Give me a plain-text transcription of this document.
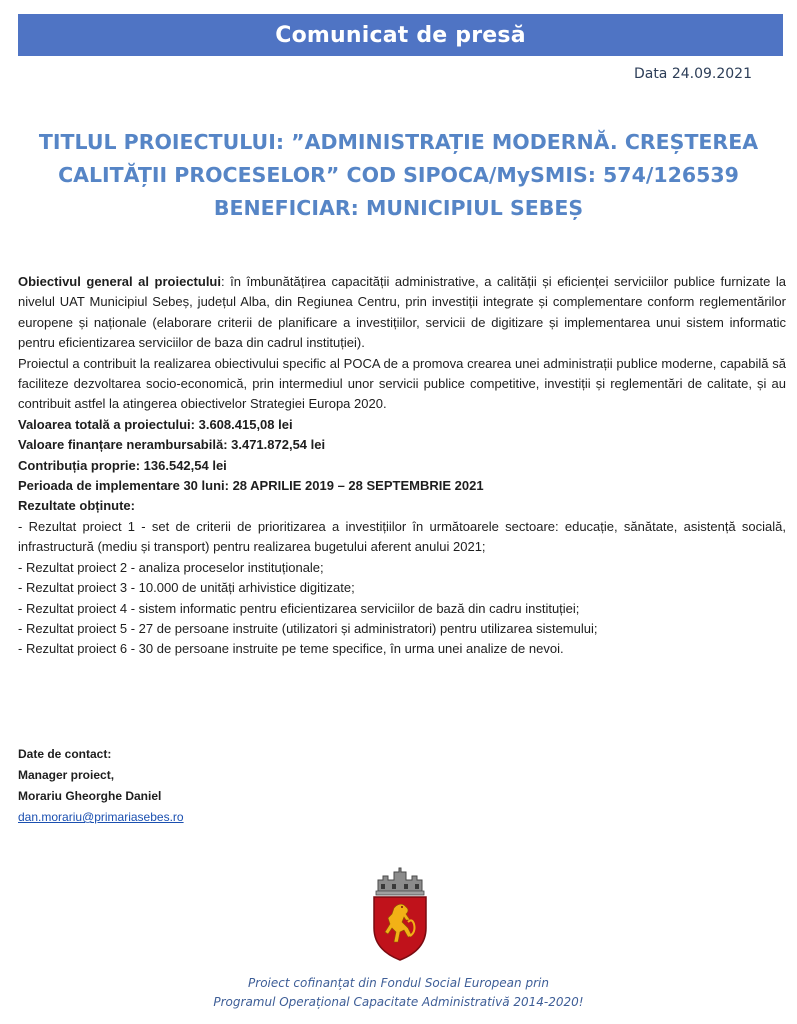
Comunicat de presă
Data 24.09.2021
TITLUL PROIECTULUI: ”ADMINISTRAȚIE MODERNĂ. CREȘTEREA
CALITĂȚII PROCESELOR” COD SIPOCA/MySMIS: 574/126539
BENEFICIAR: MUNICIPIUL SEBEȘ

Obiectivul general al proiectului: în îmbunătățirea capacității administrative, a calității și eficienței serviciilor publice furnizate la nivelul UAT Municipiul Sebeș, județul Alba, din Regiunea Centru, prin investiții integrate și complementare conform reglementărilor europene și naționale (elaborare criterii de planificare a investițiilor, servicii de digitizare și implementarea unui sistem informatic pentru eficientizarea serviciilor de baza din cadrul instituției).

Proiectul a contribuit la realizarea obiectivului specific al POCA de a promova crearea unei administrații publice moderne, capabilă să faciliteze dezvoltarea socio-economică, prin intermediul unor servicii publice competitive, investiții și reglementări de calitate, și au contribuit astfel la atingerea obiectivelor Strategiei Europa 2020.

Valoarea totală a proiectului: 3.608.415,08 lei

Valoare finanțare nerambursabilă: 3.471.872,54 lei

Contribuția proprie: 136.542,54 lei

Perioada de implementare 30 luni: 28 APRILIE 2019 – 28 SEPTEMBRIE 2021

Rezultate obținute:

- Rezultat proiect 1 - set de criterii de prioritizarea a investițiilor în următoarele sectoare: educație, sănătate, asistență socială, infrastructură (mediu și transport) pentru realizarea bugetului aferent anului 2021;

- Rezultat proiect 2 - analiza proceselor instituționale;

- Rezultat proiect 3 - 10.000 de unități arhivistice digitizate;

- Rezultat proiect 4 - sistem informatic pentru eficientizarea serviciilor de bază din cadru instituției;

- Rezultat proiect 5 - 27 de persoane instruite (utilizatori și administratori) pentru utilizarea sistemului;

- Rezultat proiect 6 - 30 de persoane instruite pe teme specifice, în urma unei analize de nevoi.

Date de contact:
Manager proiect,
Morariu Gheorghe Daniel
dan.morariu@primariasebes.ro
Proiect cofinanțat din Fondul Social European prin
Programul Operațional Capacitate Administrativă 2014-2020!
